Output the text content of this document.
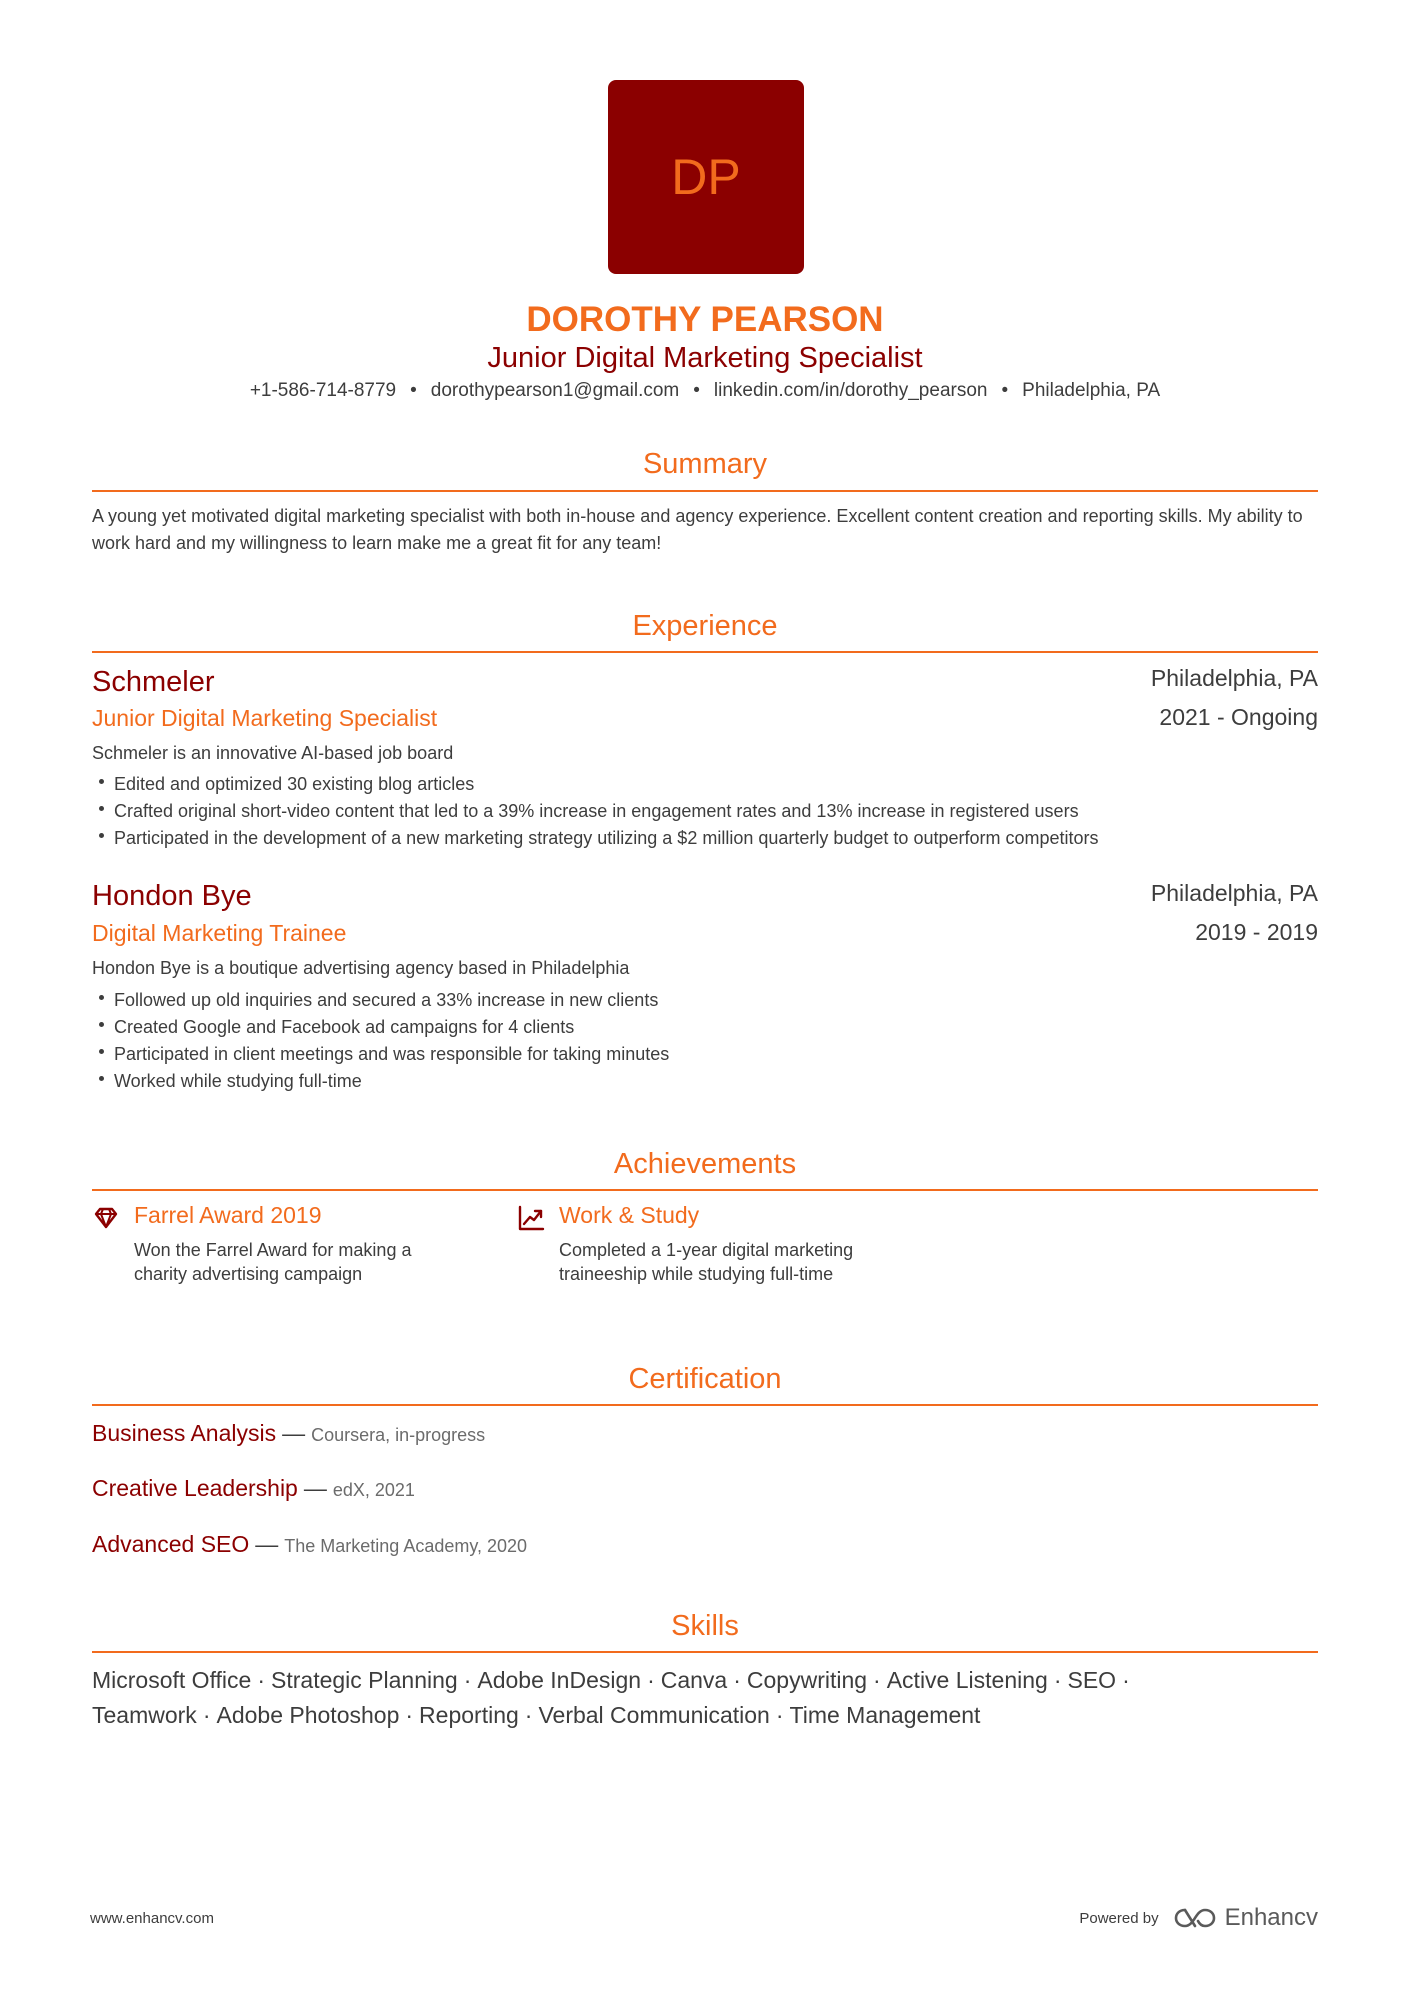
DP
DOROTHY PEARSON
Junior Digital Marketing Specialist
+1-586-714-8779 • dorothypearson1@gmail.com • linkedin.com/in/dorothy_pearson • Philadelphia, PA
Summary
A young yet motivated digital marketing specialist with both in-house and agency experience. Excellent content creation and reporting skills. My ability to work hard and my willingness to learn make me a great fit for any team!
Experience
Schmeler	Philadelphia, PA
Junior Digital Marketing Specialist	2021 - Ongoing
Schmeler is an innovative AI-based job board
Edited and optimized 30 existing blog articles
Crafted original short-video content that led to a 39% increase in engagement rates and 13% increase in registered users
Participated in the development of a new marketing strategy utilizing a $2 million quarterly budget to outperform competitors
Hondon Bye	Philadelphia, PA
Digital Marketing Trainee	2019 - 2019
Hondon Bye is a boutique advertising agency based in Philadelphia
Followed up old inquiries and secured a 33% increase in new clients
Created Google and Facebook ad campaigns for 4 clients
Participated in client meetings and was responsible for taking minutes
Worked while studying full-time
Achievements
Farrel Award 2019
Won the Farrel Award for making a charity advertising campaign
Work & Study
Completed a 1-year digital marketing traineeship while studying full-time
Certification
Business Analysis — Coursera, in-progress
Creative Leadership — edX, 2021
Advanced SEO — The Marketing Academy, 2020
Skills
Microsoft Office · Strategic Planning · Adobe InDesign · Canva · Copywriting · Active Listening · SEO ·
Teamwork · Adobe Photoshop · Reporting · Verbal Communication · Time Management
www.enhancv.com	Powered by	Enhancv
